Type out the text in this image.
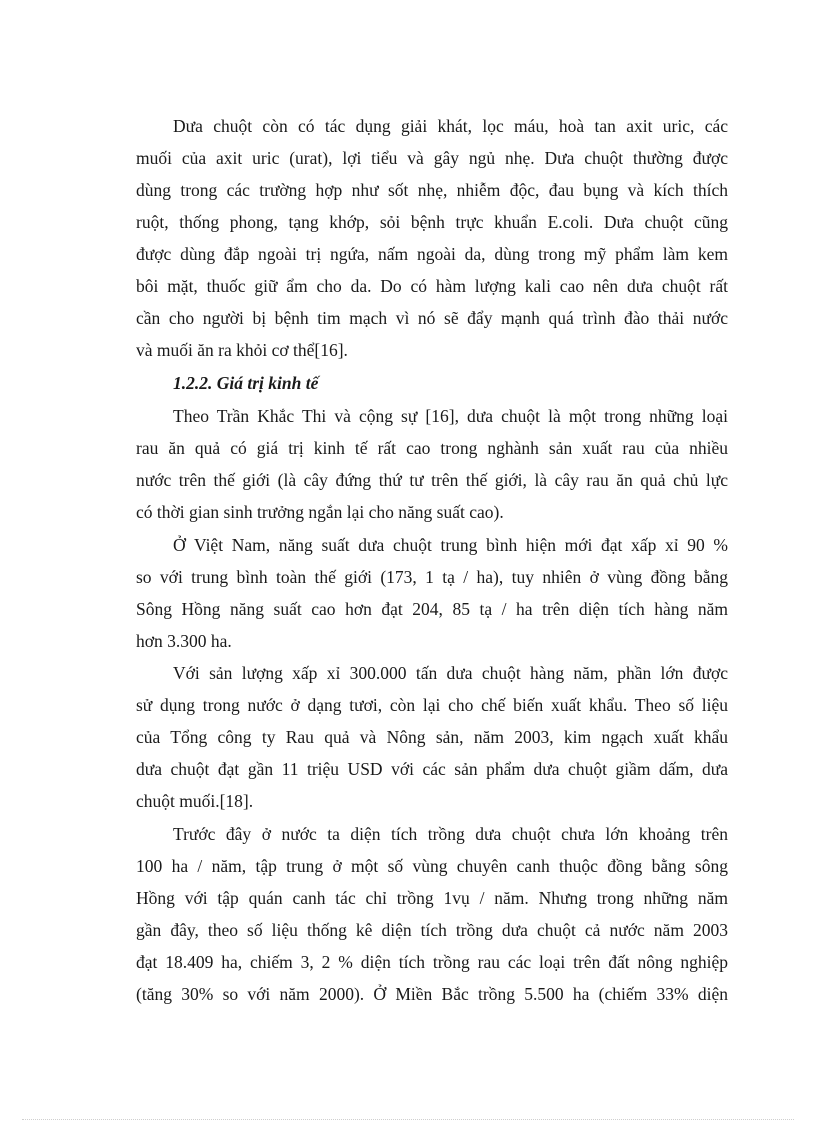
Dưa chuột còn có tác dụng giải khát, lọc máu, hoà tan axit uric, các
muối của axit uric (urat), lợi tiểu và gây ngủ nhẹ. Dưa chuột thường được
dùng trong các trường hợp như sốt nhẹ, nhiễm độc, đau bụng và kích thích
ruột, thống phong, tạng khớp, sỏi bệnh trực khuẩn E.coli. Dưa chuột cũng
được dùng đắp ngoài trị ngứa, nấm ngoài da, dùng trong mỹ phẩm làm kem
bôi mặt, thuốc giữ ẩm cho da. Do có hàm lượng kali cao nên dưa chuột rất
cần cho người bị bệnh tim mạch vì nó sẽ đẩy mạnh quá trình đào thải nước
và muối ăn ra khỏi cơ thể[16].
1.2.2. Giá trị kinh tế
Theo Trần Khắc Thi và cộng sự [16], dưa chuột là một trong những loại
rau ăn quả có giá trị kinh tế rất cao trong nghành sản xuất rau của nhiều
nước trên thế giới (là cây đứng thứ tư trên thế giới, là cây rau ăn quả chủ lực
có thời gian sinh trưởng ngắn lại cho năng suất cao).
Ở Việt Nam, năng suất dưa chuột trung bình hiện mới đạt xấp xỉ 90 %
so với trung bình toàn thế giới (173, 1 tạ / ha), tuy nhiên ở vùng đồng bằng
Sông Hồng năng suất cao hơn đạt 204, 85 tạ / ha trên diện tích hàng năm
hơn 3.300 ha.
Với sản lượng xấp xỉ 300.000 tấn dưa chuột hàng năm, phần lớn được
sử dụng trong nước ở dạng tươi, còn lại cho chế biến xuất khẩu. Theo số liệu
của Tổng công ty Rau quả và Nông sản, năm 2003, kim ngạch xuất khẩu
dưa chuột đạt gần 11 triệu USD với các sản phẩm dưa chuột giầm dấm, dưa
chuột muối.[18].
Trước đây ở nước ta diện tích trồng dưa chuột chưa lớn khoảng trên
100 ha / năm, tập trung ở một số vùng chuyên canh thuộc đồng bằng sông
Hồng với tập quán canh tác chỉ trồng 1vụ / năm. Nhưng trong những năm
gần đây, theo số liệu thống kê diện tích trồng dưa chuột cả nước năm 2003
đạt 18.409 ha, chiếm 3, 2 % diện tích trồng rau các loại trên đất nông nghiệp
(tăng 30% so với năm 2000). Ở Miền Bắc trồng 5.500 ha (chiếm 33% diện
